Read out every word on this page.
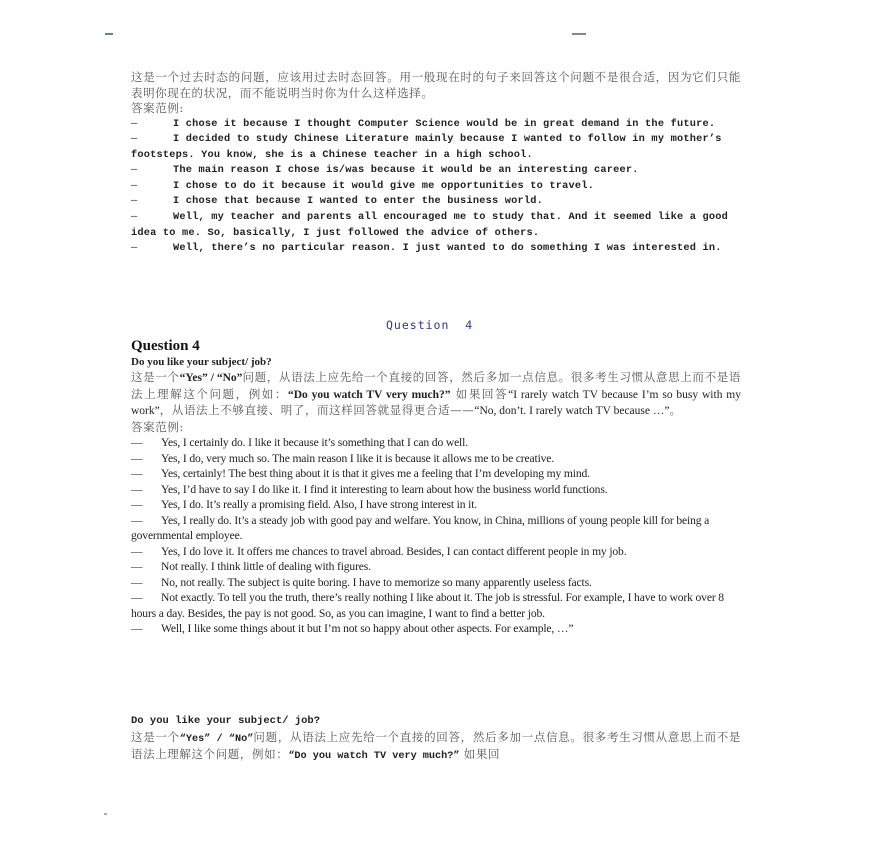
这是一个过去时态的问题，应该用过去时态回答。用一般现在时的句子来回答这个问题不是很合适，因为它们只能表明你现在的状况，而不能说明当时你为什么这样选择。
答案范例:
—	I chose it because I thought Computer Science would be in great demand in the future.
—	I decided to study Chinese Literature mainly because I wanted to follow in my mother’s footsteps. You know, she is a Chinese teacher in a high school.
—	The main reason I chose is/was because it would be an interesting career.
—	I chose to do it because it would give me opportunities to travel.
—	I chose that because I wanted to enter the business world.
—	Well, my teacher and parents all encouraged me to study that. And it seemed like a good idea to me. So, basically, I just followed the advice of others.
—	Well, there’s no particular reason. I just wanted to do something I was interested in.
Question  4
Question 4
Do you like your subject/ job?
这是一个“Yes” / “No”问题，从语法上应先给一个直接的回答，然后多加一点信息。很多考生习惯从意思上而不是语法上理解这个问题，例如：“Do you watch TV very much?” 如果回答“I rarely watch TV because I’m so busy with my work”，从语法上不够直接、明了，而这样回答就显得更合适——“No, don’t. I rarely watch TV because …”。
答案范例:
— Yes, I certainly do. I like it because it’s something that I can do well.
— Yes, I do, very much so. The main reason I like it is because it allows me to be creative.
— Yes, certainly! The best thing about it is that it gives me a feeling that I’m developing my mind.
— Yes, I’d have to say I do like it. I find it interesting to learn about how the business world functions.
— Yes, I do. It’s really a promising field. Also, I have strong interest in it.
— Yes, I really do. It’s a steady job with good pay and welfare. You know, in China, millions of young people kill for being a governmental employee.
— Yes, I do love it. It offers me chances to travel abroad. Besides, I can contact different people in my job.
— Not really. I think little of dealing with figures.
— No, not really. The subject is quite boring. I have to memorize so many apparently useless facts.
— Not exactly. To tell you the truth, there’s really nothing I like about it. The job is stressful. For example, I have to work over 8 hours a day. Besides, the pay is not good. So, as you can imagine, I want to find a better job.
— Well, I like some things about it but I’m not so happy about other aspects. For example, …”
Do you like your subject/ job?
这是一个“Yes” / “No”问题，从语法上应先给一个直接的回答，然后多加一点信息。很多考生习惯从意思上而不是语法上理解这个问题，例如：“Do you watch TV very much?” 如果回
